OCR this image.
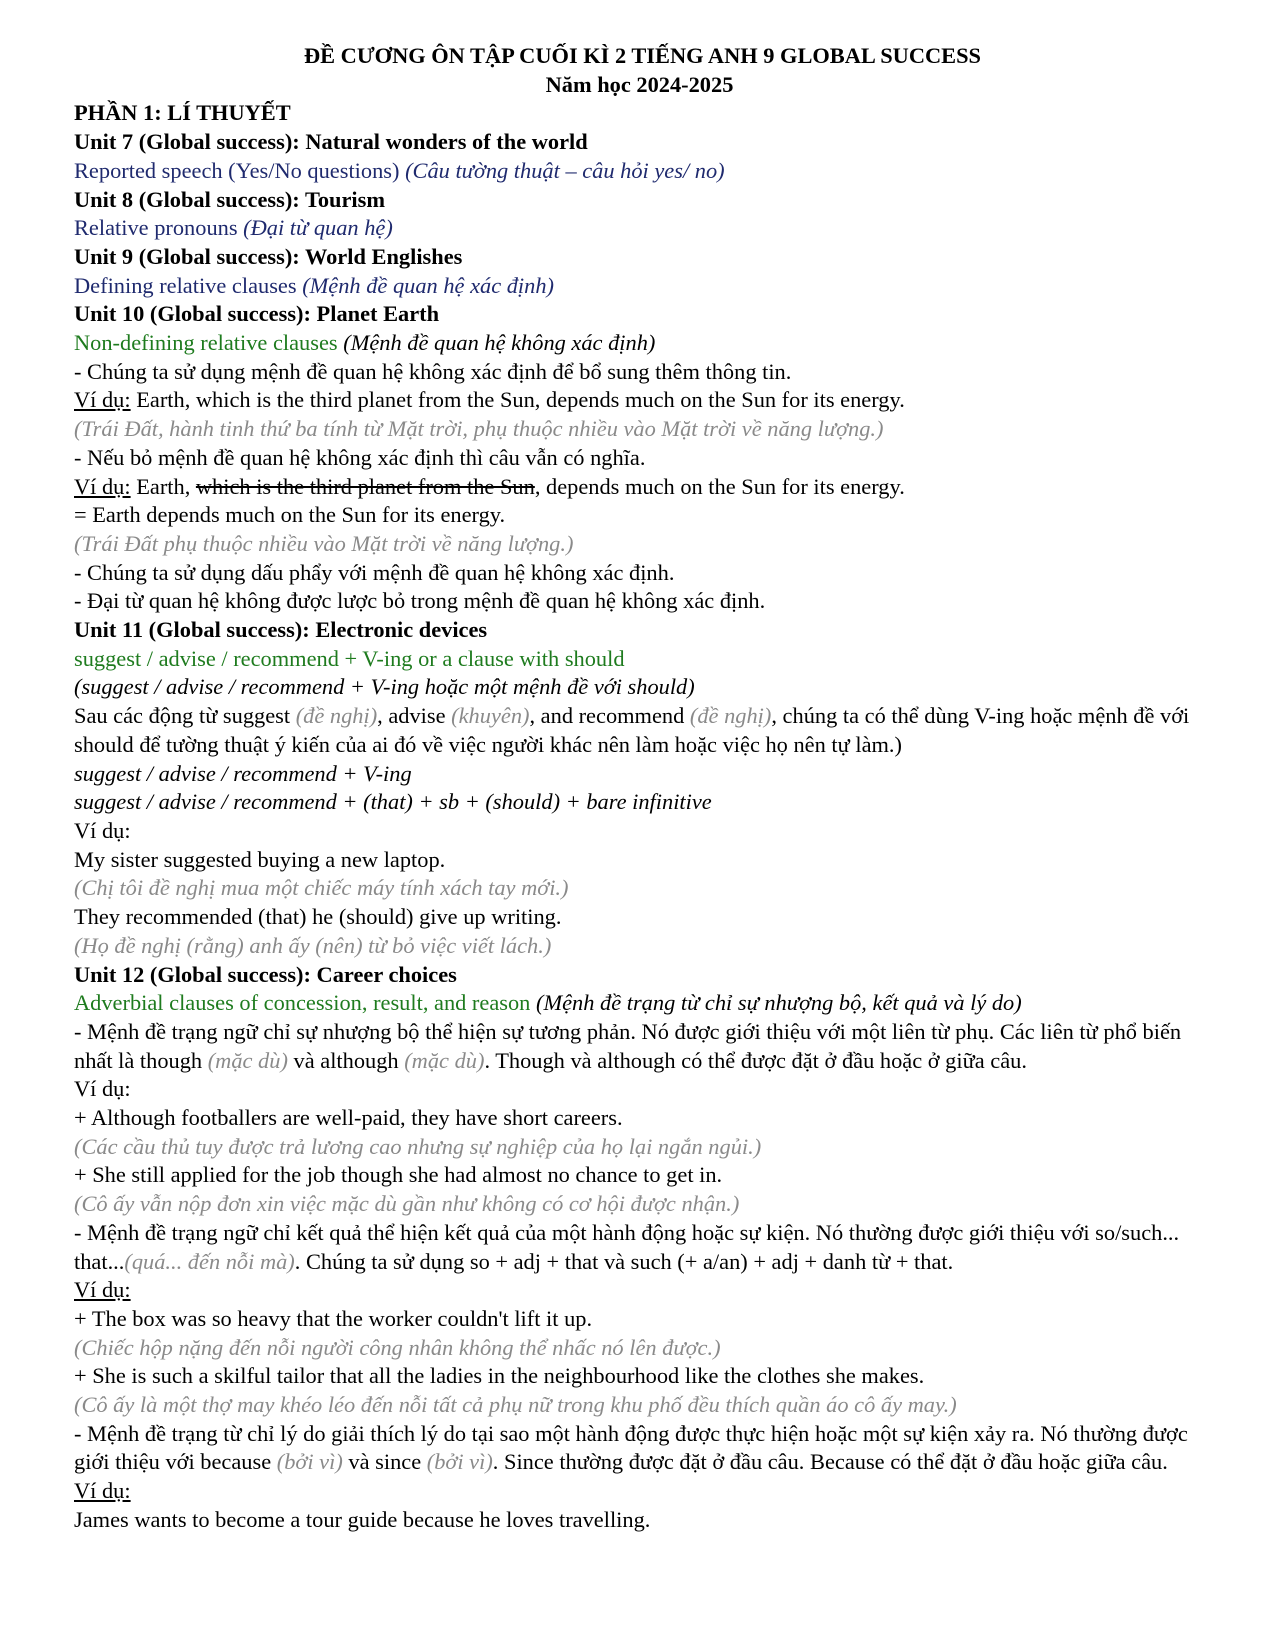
ĐỀ CƯƠNG ÔN TẬP CUỐI KÌ 2 TIẾNG ANH 9 GLOBAL SUCCESS

Năm học 2024-2025

PHẦN 1: LÍ THUYẾT

Unit 7 (Global success): Natural wonders of the world

Reported speech (Yes/No questions) (Câu tường thuật – câu hỏi yes/ no)

Unit 8 (Global success): Tourism

Relative pronouns (Đại từ quan hệ)

Unit 9 (Global success): World Englishes

Defining relative clauses (Mệnh đề quan hệ xác định)

Unit 10 (Global success): Planet Earth

Non-defining relative clauses (Mệnh đề quan hệ không xác định)

- Chúng ta sử dụng mệnh đề quan hệ không xác định để bổ sung thêm thông tin.

Ví dụ: Earth, which is the third planet from the Sun, depends much on the Sun for its energy.

(Trái Đất, hành tinh thứ ba tính từ Mặt trời, phụ thuộc nhiều vào Mặt trời về năng lượng.)

- Nếu bỏ mệnh đề quan hệ không xác định thì câu vẫn có nghĩa.

Ví dụ: Earth, which is the third planet from the Sun, depends much on the Sun for its energy.

= Earth depends much on the Sun for its energy.

(Trái Đất phụ thuộc nhiều vào Mặt trời về năng lượng.)

- Chúng ta sử dụng dấu phẩy với mệnh đề quan hệ không xác định.

- Đại từ quan hệ không được lược bỏ trong mệnh đề quan hệ không xác định.

Unit 11 (Global success): Electronic devices

suggest / advise / recommend + V-ing or a clause with should

(suggest / advise / recommend + V-ing hoặc một mệnh đề với should)

Sau các động từ suggest (đề nghị), advise (khuyên), and recommend (đề nghị), chúng ta có thể dùng V-ing hoặc mệnh đề với should để tường thuật ý kiến của ai đó về việc người khác nên làm hoặc việc họ nên tự làm.)

suggest / advise / recommend + V-ing

suggest / advise / recommend + (that) + sb + (should) + bare infinitive

Ví dụ:

My sister suggested buying a new laptop.

(Chị tôi đề nghị mua một chiếc máy tính xách tay mới.)

They recommended (that) he (should) give up writing.

(Họ đề nghị (rằng) anh ấy (nên) từ bỏ việc viết lách.)

Unit 12 (Global success): Career choices

Adverbial clauses of concession, result, and reason (Mệnh đề trạng từ chỉ sự nhượng bộ, kết quả và lý do)

- Mệnh đề trạng ngữ chỉ sự nhượng bộ thể hiện sự tương phản. Nó được giới thiệu với một liên từ phụ. Các liên từ phổ biến nhất là though (mặc dù) và although (mặc dù). Though và although có thể được đặt ở đầu hoặc ở giữa câu.

Ví dụ:

+ Although footballers are well-paid, they have short careers.

(Các cầu thủ tuy được trả lương cao nhưng sự nghiệp của họ lại ngắn ngủi.)

+ She still applied for the job though she had almost no chance to get in.

(Cô ấy vẫn nộp đơn xin việc mặc dù gần như không có cơ hội được nhận.)

- Mệnh đề trạng ngữ chỉ kết quả thể hiện kết quả của một hành động hoặc sự kiện. Nó thường được giới thiệu với so/such... that...(quá... đến nỗi mà). Chúng ta sử dụng so + adj + that và such (+ a/an) + adj + danh từ + that.

Ví dụ:

+ The box was so heavy that the worker couldn't lift it up.

(Chiếc hộp nặng đến nỗi người công nhân không thể nhấc nó lên được.)

+ She is such a skilful tailor that all the ladies in the neighbourhood like the clothes she makes.

(Cô ấy là một thợ may khéo léo đến nỗi tất cả phụ nữ trong khu phố đều thích quần áo cô ấy may.)

- Mệnh đề trạng từ chỉ lý do giải thích lý do tại sao một hành động được thực hiện hoặc một sự kiện xảy ra. Nó thường được giới thiệu với because (bởi vì) và since (bởi vì). Since thường được đặt ở đầu câu. Because có thể đặt ở đầu hoặc giữa câu.

Ví dụ:

James wants to become a tour guide because he loves travelling.
